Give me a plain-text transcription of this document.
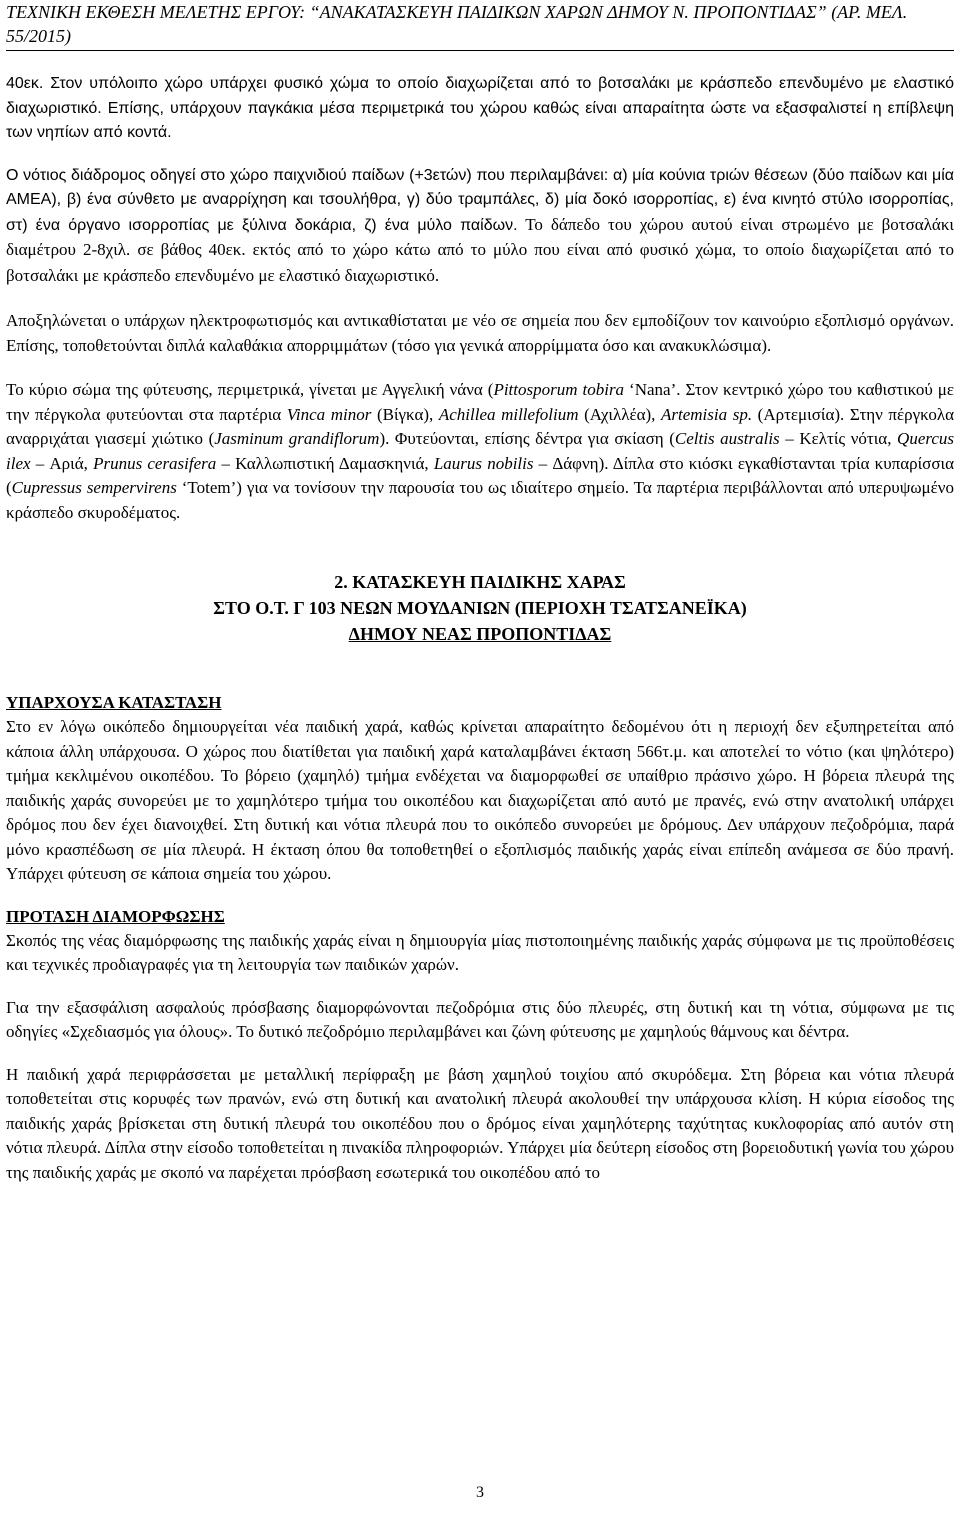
ΤΕΧΝΙΚΗ ΕΚΘΕΣΗ ΜΕΛΕΤΗΣ ΕΡΓΟΥ: “ΑΝΑΚΑΤΑΣΚΕΥΗ ΠΑΙΔΙΚΩΝ ΧΑΡΩΝ ΔΗΜΟΥ Ν. ΠΡΟΠΟΝΤΙΔΑΣ” (ΑΡ. ΜΕΛ. 55/2015)

40εκ. Στον υπόλοιπο χώρο υπάρχει φυσικό χώμα το οποίο διαχωρίζεται από το βοτσαλάκι με κράσπεδο επενδυμένο με ελαστικό διαχωριστικό. Επίσης, υπάρχουν παγκάκια μέσα περιμετρικά του χώρου καθώς είναι απαραίτητα ώστε να εξασφαλιστεί η επίβλεψη των νηπίων από κοντά.

Ο νότιος διάδρομος οδηγεί στο χώρο παιχνιδιού παίδων (+3ετών) που περιλαμβάνει: α) μία κούνια τριών θέσεων (δύο παίδων και μία ΑΜΕΑ), β) ένα σύνθετο με αναρρίχηση και τσουλήθρα, γ) δύο τραμπάλες, δ) μία δοκό ισορροπίας, ε) ένα κινητό στύλο ισορροπίας, στ) ένα όργανο ισορροπίας με ξύλινα δοκάρια, ζ) ένα μύλο παίδων. Το δάπεδο του χώρου αυτού είναι στρωμένο με βοτσαλάκι διαμέτρου 2-8χιλ. σε βάθος 40εκ. εκτός από το χώρο κάτω από το μύλο που είναι από φυσικό χώμα, το οποίο διαχωρίζεται από το βοτσαλάκι με κράσπεδο επενδυμένο με ελαστικό διαχωριστικό.

Αποξηλώνεται ο υπάρχων ηλεκτροφωτισμός και αντικαθίσταται με νέο σε σημεία που δεν εμποδίζουν τον καινούριο εξοπλισμό οργάνων. Επίσης, τοποθετούνται διπλά καλαθάκια απορριμμάτων (τόσο για γενικά απορρίμματα όσο και ανακυκλώσιμα).

Το κύριο σώμα της φύτευσης, περιμετρικά, γίνεται με Αγγελική νάνα (Pittosporum tobira ‘Nana’. Στον κεντρικό χώρο του καθιστικού με την πέργκολα φυτεύονται στα παρτέρια Vinca minor (Βίγκα), Achillea millefolium (Αχιλλέα), Artemisia sp. (Αρτεμισία). Στην πέργκολα αναρριχάται γιασεμί χιώτικο (Jasminum grandiflorum). Φυτεύονται, επίσης δέντρα για σκίαση (Celtis australis – Κελτίς νότια, Quercus ilex – Αριά, Prunus cerasifera – Καλλωπιστική Δαμασκηνιά, Laurus nobilis – Δάφνη). Δίπλα στο κιόσκι εγκαθίστανται τρία κυπαρίσσια (Cupressus sempervirens ‘Totem’) για να τονίσουν την παρουσία του ως ιδιαίτερο σημείο. Τα παρτέρια περιβάλλονται από υπερυψωμένο κράσπεδο σκυροδέματος.

2. ΚΑΤΑΣΚΕΥΗ ΠΑΙΔΙΚΗΣ ΧΑΡΑΣ

ΣΤΟ Ο.Τ. Γ 103 ΝΕΩΝ ΜΟΥΔΑΝΙΩΝ (ΠΕΡΙΟΧΗ ΤΣΑΤΣΑΝΕΪΚΑ)

ΔΗΜΟΥ ΝΕΑΣ ΠΡΟΠΟΝΤΙΔΑΣ

ΥΠΑΡΧΟΥΣΑ ΚΑΤΑΣΤΑΣΗ

Στο εν λόγω οικόπεδο δημιουργείται νέα παιδική χαρά, καθώς κρίνεται απαραίτητο δεδομένου ότι η περιοχή δεν εξυπηρετείται από κάποια άλλη υπάρχουσα. Ο χώρος που διατίθεται για παιδική χαρά καταλαμβάνει έκταση 566τ.μ. και αποτελεί το νότιο (και ψηλότερο) τμήμα κεκλιμένου οικοπέδου. Το βόρειο (χαμηλό) τμήμα ενδέχεται να διαμορφωθεί σε υπαίθριο πράσινο χώρο. Η βόρεια πλευρά της παιδικής χαράς συνορεύει με το χαμηλότερο τμήμα του οικοπέδου και διαχωρίζεται από αυτό με πρανές, ενώ στην ανατολική υπάρχει δρόμος που δεν έχει διανοιχθεί. Στη δυτική και νότια πλευρά που το οικόπεδο συνορεύει με δρόμους. Δεν υπάρχουν πεζοδρόμια, παρά μόνο κρασπέδωση σε μία πλευρά. Η έκταση όπου θα τοποθετηθεί ο εξοπλισμός παιδικής χαράς είναι επίπεδη ανάμεσα σε δύο πρανή. Υπάρχει φύτευση σε κάποια σημεία του χώρου.

ΠΡΟΤΑΣΗ ΔΙΑΜΟΡΦΩΣΗΣ

Σκοπός της νέας διαμόρφωσης της παιδικής χαράς είναι η δημιουργία μίας πιστοποιημένης παιδικής χαράς σύμφωνα με τις προϋποθέσεις και τεχνικές προδιαγραφές για τη λειτουργία των παιδικών χαρών.

Για την εξασφάλιση ασφαλούς πρόσβασης διαμορφώνονται πεζοδρόμια στις δύο πλευρές, στη δυτική και τη νότια, σύμφωνα με τις οδηγίες «Σχεδιασμός για όλους». Το δυτικό πεζοδρόμιο περιλαμβάνει και ζώνη φύτευσης με χαμηλούς θάμνους και δέντρα.

Η παιδική χαρά περιφράσσεται με μεταλλική περίφραξη με βάση χαμηλού τοιχίου από σκυρόδεμα. Στη βόρεια και νότια πλευρά τοποθετείται στις κορυφές των πρανών, ενώ στη δυτική και ανατολική πλευρά ακολουθεί την υπάρχουσα κλίση. Η κύρια είσοδος της παιδικής χαράς βρίσκεται στη δυτική πλευρά του οικοπέδου που ο δρόμος είναι χαμηλότερης ταχύτητας κυκλοφορίας από αυτόν στη νότια πλευρά. Δίπλα στην είσοδο τοποθετείται η πινακίδα πληροφοριών. Υπάρχει μία δεύτερη είσοδος στη βορειοδυτική γωνία του χώρου της παιδικής χαράς με σκοπό να παρέχεται πρόσβαση εσωτερικά του οικοπέδου από το

3
